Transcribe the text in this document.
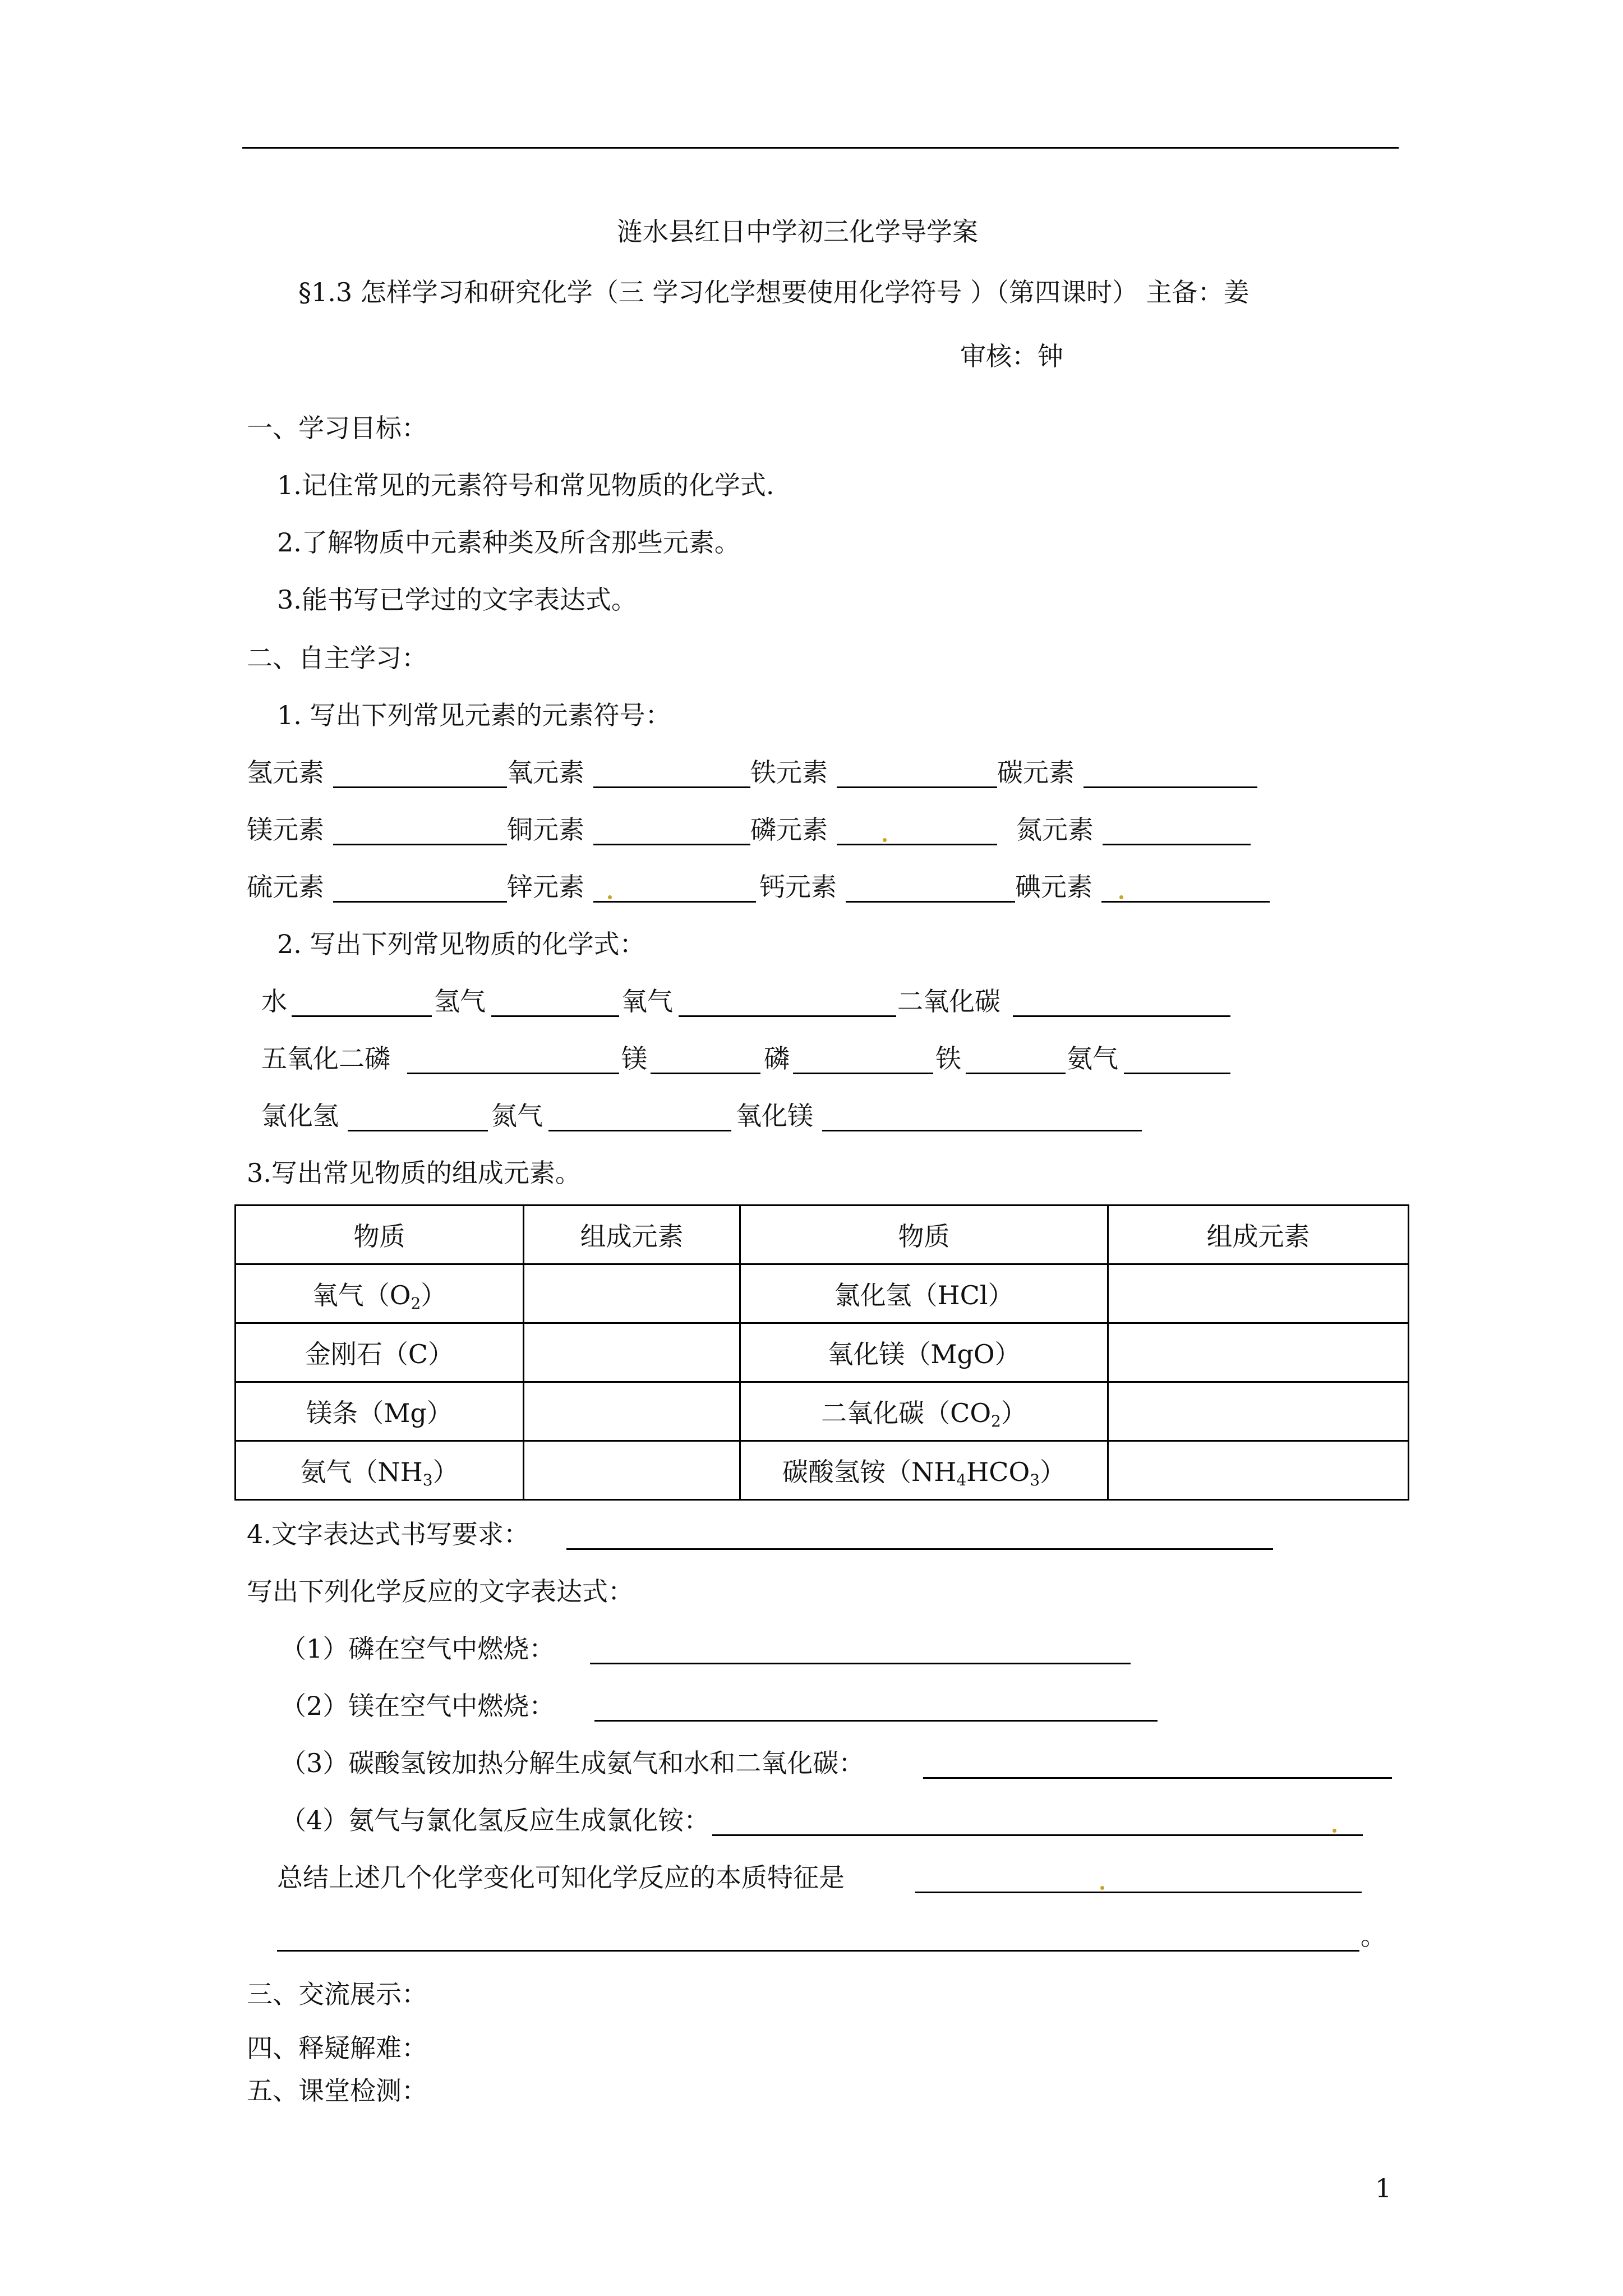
涟水县红日中学初三化学导学案
§1.3 怎样学习和研究化学（三 学习化学想要使用化学符号 ）（第四课时） 主备：姜
审核：钟
一、学习目标：
1.记住常见的元素符号和常见物质的化学式.
2.了解物质中元素种类及所含那些元素。
3.能书写已学过的文字表达式。
二、自主学习：
1. 写出下列常见元素的元素符号：
氢元素	氧元素	铁元素	碳元素
镁元素	铜元素	磷元素	氮元素
硫元素	锌元素	钙元素	碘元素
2. 写出下列常见物质的化学式：
水	氢气	氧气	二氧化碳
五氧化二磷	镁	磷	铁	氨气
氯化氢	氮气	氧化镁
3.写出常见物质的组成元素。
物质	组成元素	物质	组成元素
氧气$(O_2)$		氯化氢（HCl）	
金刚石（C）		氧化镁（MgO）	
镁条（Mg）		二氧化碳$(CO_2)$	
氨气$(NH_3)$		碳酸氢铵$(NH_4HCO_3)$	
4.文字表达式书写要求：
写出下列化学反应的文字表达式：
（1）磷在空气中燃烧：
（2）镁在空气中燃烧：
（3）碳酸氢铵加热分解生成氨气和水和二氧化碳：
（4）氨气与氯化氢反应生成氯化铵：
总结上述几个化学变化可知化学反应的本质特征是
。
三、交流展示：
四、释疑解难：
五、课堂检测：
1
